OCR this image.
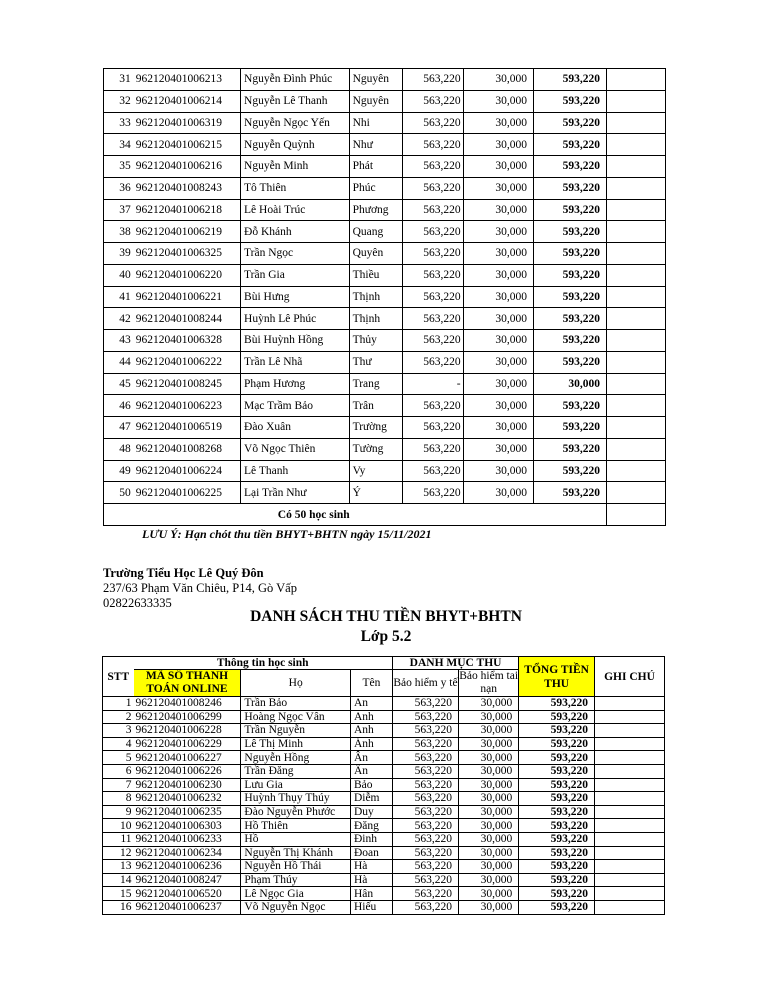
31	962120401006213	Nguyễn Đình Phúc	Nguyên	563,220	30,000	593,220	
32	962120401006214	Nguyễn Lê Thanh	Nguyên	563,220	30,000	593,220	
33	962120401006319	Nguyễn Ngọc Yến	Nhi	563,220	30,000	593,220	
34	962120401006215	Nguyễn Quỳnh	Như	563,220	30,000	593,220	
35	962120401006216	Nguyễn Minh	Phát	563,220	30,000	593,220	
36	962120401008243	Tô Thiên	Phúc	563,220	30,000	593,220	
37	962120401006218	Lê Hoài Trúc	Phương	563,220	30,000	593,220	
38	962120401006219	Đỗ Khánh	Quang	563,220	30,000	593,220	
39	962120401006325	Trần Ngọc	Quyên	563,220	30,000	593,220	
40	962120401006220	Trần Gia	Thiều	563,220	30,000	593,220	
41	962120401006221	Bùi Hưng	Thịnh	563,220	30,000	593,220	
42	962120401008244	Huỳnh Lê Phúc	Thịnh	563,220	30,000	593,220	
43	962120401006328	Bùi Huỳnh Hồng	Thủy	563,220	30,000	593,220	
44	962120401006222	Trần Lê Nhã	Thư	563,220	30,000	593,220	
45	962120401008245	Phạm Hương	Trang	-	30,000	30,000	
46	962120401006223	Mạc Trầm Bảo	Trân	563,220	30,000	593,220	
47	962120401006519	Đào Xuân	Trường	563,220	30,000	593,220	
48	962120401008268	Võ Ngọc Thiên	Tường	563,220	30,000	593,220	
49	962120401006224	Lê Thanh	Vy	563,220	30,000	593,220	
50	962120401006225	Lại Trần Như	Ý	563,220	30,000	593,220	
	Có 50 học sinh						
LƯU Ý: Hạn chót thu tiền BHYT+BHTN ngày 15/11/2021
Trường Tiểu Học Lê Quý Đôn
237/63 Phạm Văn Chiêu, P14, Gò Vấp
02822633335
DANH SÁCH THU TIỀN BHYT+BHTN
Lớp 5.2
STT	Thông tin học sinh			DANH MỤC THU		TỔNG TIỀN THU	GHI CHÚ
	MÃ SỐ THANH TOÁN ONLINE	Họ	Tên	Bảo hiểm y tế	Bảo hiểm tai nạn		

1	962120401008246	Trần Bảo	An	563,220	30,000	593,220	
2	962120401006299	Hoàng Ngọc Vân	Anh	563,220	30,000	593,220	
3	962120401006228	Trần Nguyễn	Anh	563,220	30,000	593,220	
4	962120401006229	Lê Thị Minh	Ánh	563,220	30,000	593,220	
5	962120401006227	Nguyễn Hồng	Ân	563,220	30,000	593,220	
6	962120401006226	Trần Đăng	Ân	563,220	30,000	593,220	
7	962120401006230	Lưu Gia	Bảo	563,220	30,000	593,220	
8	962120401006232	Huỳnh Thụy Thúy	Diễm	563,220	30,000	593,220	
9	962120401006235	Đào Nguyễn Phước	Duy	563,220	30,000	593,220	
10	962120401006303	Hồ Thiên	Đăng	563,220	30,000	593,220	
11	962120401006233	Hồ	Đinh	563,220	30,000	593,220	
12	962120401006234	Nguyễn Thị Khánh	Đoan	563,220	30,000	593,220	
13	962120401006236	Nguyễn Hồ Thái	Hà	563,220	30,000	593,220	
14	962120401008247	Phạm Thúy	Hà	563,220	30,000	593,220	
15	962120401006520	Lê Ngọc Gia	Hân	563,220	30,000	593,220	
16	962120401006237	Võ Nguyễn Ngọc	Hiếu	563,220	30,000	593,220	
